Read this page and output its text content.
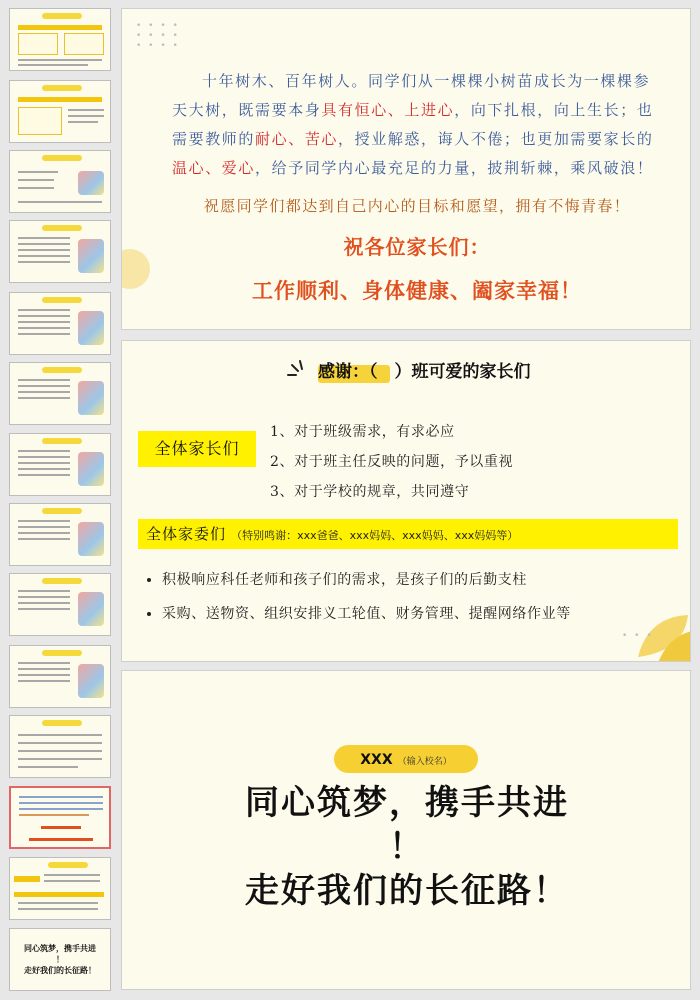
同心筑梦，携手共进
！
走好我们的长征路！
• • • •
• • • •
• • • •
十年树木、百年树人。同学们从一棵棵小树苗成长为一棵棵参天大树，既需要本身具有恒心、上进心，向下扎根，向上生长；也需要教师的耐心、苦心，授业解惑，诲人不倦；也更加需要家长的温心、爱心，给予同学内心最充足的力量，披荆斩棘，乘风破浪！
祝愿同学们都达到自己内心的目标和愿望，拥有不悔青春！
祝各位家长们：
工作顺利、身体健康、阖家幸福！
感谢：（　）班可爱的家长们
全体家长们
1、对于班级需求，有求必应
2、对于班主任反映的问题，予以重视
3、对于学校的规章，共同遵守
全体家委们 （特别鸣谢：xxx爸爸、xxx妈妈、xxx妈妈、xxx妈妈等）
• 积极响应科任老师和孩子们的需求，是孩子们的后勤支柱
• 采购、送物资、组织安排义工轮值、财务管理、提醒网络作业等
• • •
XXX （输入校名）
同心筑梦，携手共进
！
走好我们的长征路！
